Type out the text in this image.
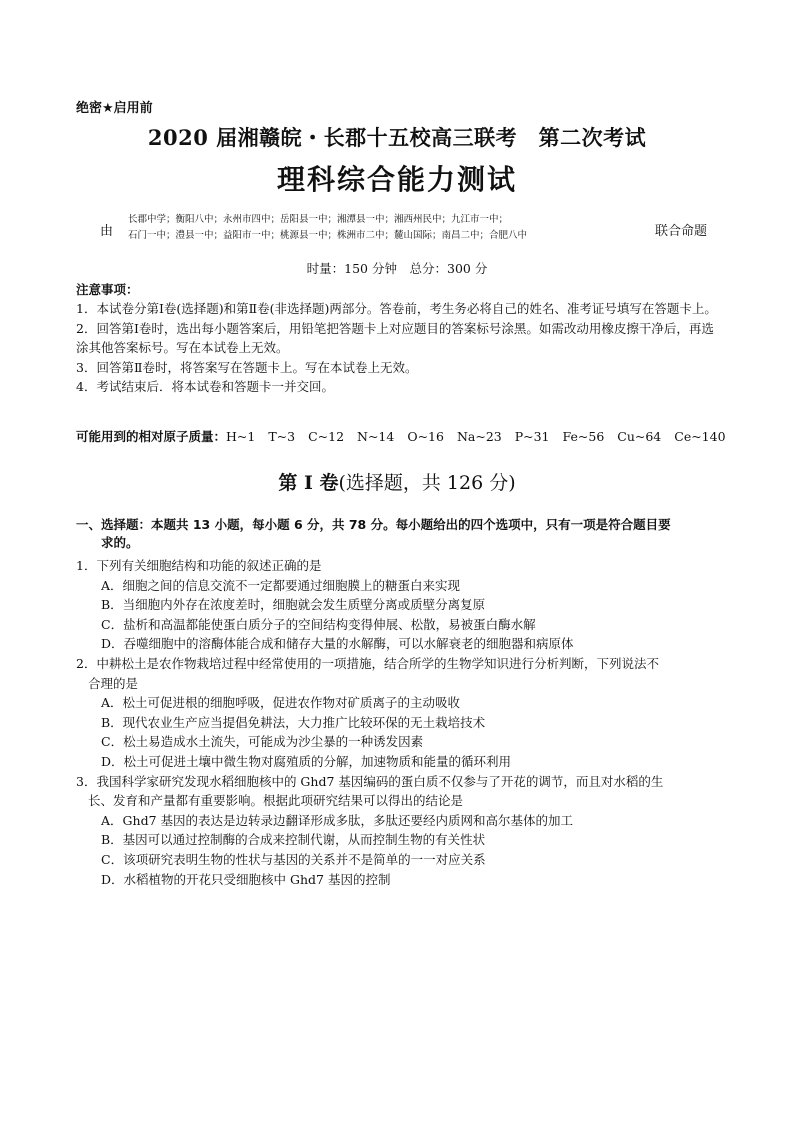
绝密★启用前
2020 届湘赣皖・长郡十五校高三联考　第二次考试
理科综合能力测试
由
长郡中学；衡阳八中；永州市四中；岳阳县一中；湘潭县一中；湘西州民中；九江市一中；
石门一中；澧县一中；益阳市一中；桃源县一中；株洲市二中；麓山国际；南昌二中；合肥八中	联合命题
时量：150 分钟　总分：300 分
注意事项：

1．本试卷分第Ⅰ卷(选择题)和第Ⅱ卷(非选择题)两部分。答卷前，考生务必将自己的姓名、准考证号填写在答题卡上。

2．回答第Ⅰ卷时，选出每小题答案后，用铅笔把答题卡上对应题目的答案标号涂黑。如需改动用橡皮擦干净后，再选涂其他答案标号。写在本试卷上无效。

3．回答第Ⅱ卷时，将答案写在答题卡上。写在本试卷上无效。

4．考试结束后．将本试卷和答题卡一并交回。

可能用到的相对原子质量：H~1 T~3 C~12 N~14 O~16 Na~23 P~31 Fe~56 Cu~64 Ce~140
第 I 卷(选择题，共 126 分)
一、选择题：本题共 13 小题，每小题 6 分，共 78 分。每小题给出的四个选项中，只有一项是符合题目要
求的。
1．下列有关细胞结构和功能的叙述正确的是
A．细胞之间的信息交流不一定都要通过细胞膜上的糖蛋白来实现
B．当细胞内外存在浓度差时，细胞就会发生质壁分离或质壁分离复原
C．盐析和高温都能使蛋白质分子的空间结构变得伸展、松散，易被蛋白酶水解
D．吞噬细胞中的溶酶体能合成和储存大量的水解酶，可以水解衰老的细胞器和病原体
2．中耕松土是农作物栽培过程中经常使用的一项措施，结合所学的生物学知识进行分析判断，下列说法不
合理的是
A．松土可促进根的细胞呼吸，促进农作物对矿质离子的主动吸收
B．现代农业生产应当提倡免耕法，大力推广比较环保的无土栽培技术
C．松土易造成水土流失，可能成为沙尘暴的一种诱发因素
D．松土可促进土壤中微生物对腐殖质的分解，加速物质和能量的循环利用
3．我国科学家研究发现水稻细胞核中的 Ghd7 基因编码的蛋白质不仅参与了开花的调节，而且对水稻的生
长、发育和产量都有重要影响。根据此项研究结果可以得出的结论是
A．Ghd7 基因的表达是边转录边翻译形成多肽，多肽还要经内质网和高尔基体的加工
B．基因可以通过控制酶的合成来控制代谢，从而控制生物的有关性状
C．该项研究表明生物的性状与基因的关系并不是简单的一一对应关系
D．水稻植物的开花只受细胞核中 Ghd7 基因的控制
